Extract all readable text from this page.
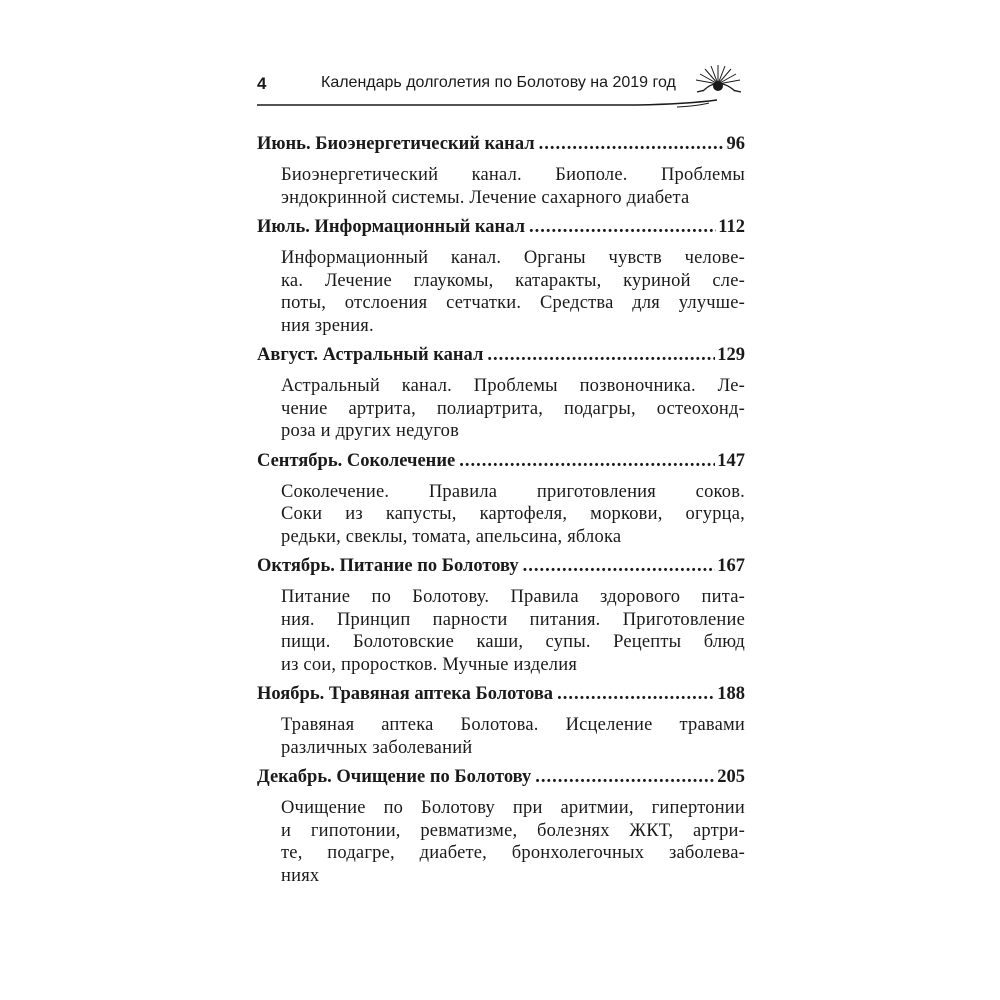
4	Календарь долголетия по Болотову на 2019 год
Июнь. Биоэнергетический канал .....	96
Биоэнергетический канал. Биополе. Проблемы
эндокринной системы. Лечение сахарного диабета
Июль. Информационный канал .....	112
Информационный канал. Органы чувств челове-
ка. Лечение глаукомы, катаракты, куриной сле-
поты, отслоения сетчатки. Средства для улучше-
ния зрения.
Август. Астральный канал .....	129
Астральный канал. Проблемы позвоночника. Ле-
чение артрита, полиартрита, подагры, остеохонд-
роза и других недугов
Сентябрь. Соколечение .....	147
Соколечение. Правила приготовления соков.
Соки из капусты, картофеля, моркови, огурца,
редьки, свеклы, томата, апельсина, яблока
Октябрь. Питание по Болотову .....	167
Питание по Болотову. Правила здорового пита-
ния. Принцип парности питания. Приготовление
пищи. Болотовские каши, супы. Рецепты блюд
из сои, проростков. Мучные изделия
Ноябрь. Травяная аптека Болотова .....	188
Травяная аптека Болотова. Исцеление травами
различных заболеваний
Декабрь. Очищение по Болотову .....	205
Очищение по Болотову при аритмии, гипертонии
и гипотонии, ревматизме, болезнях ЖКТ, артри-
те, подагре, диабете, бронхолегочных заболева-
ниях
